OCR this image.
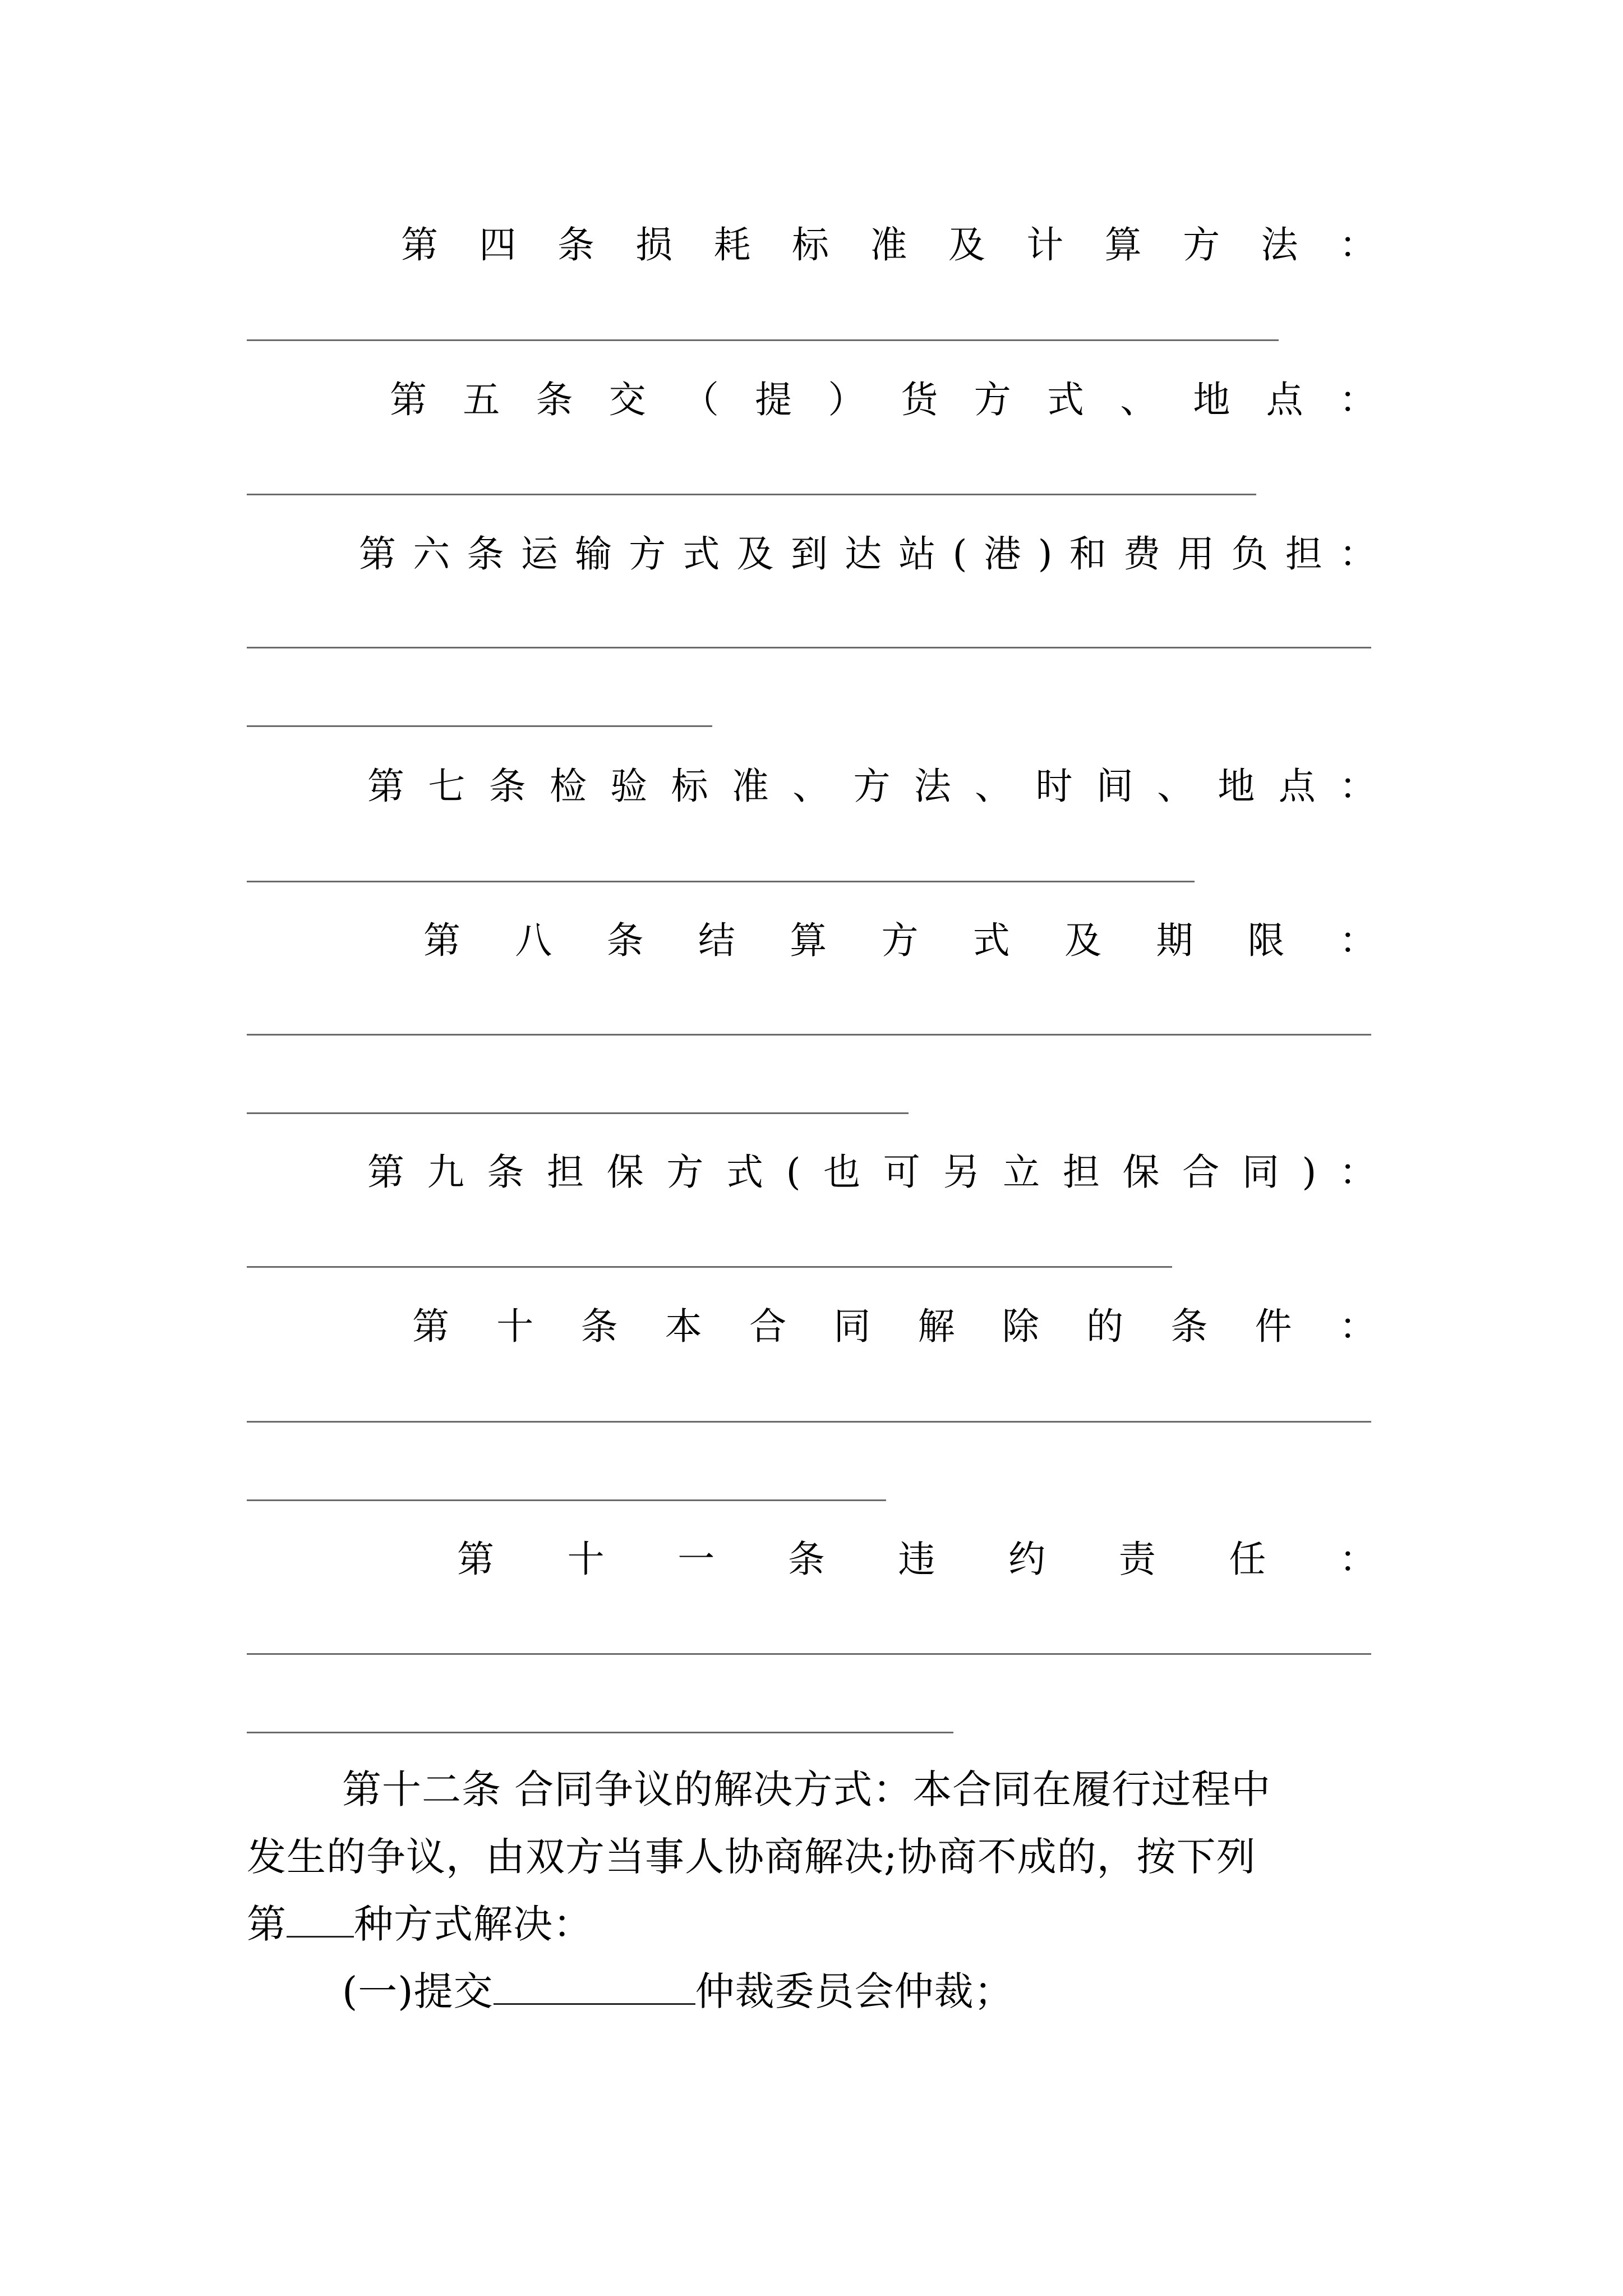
第 四 条 损 耗 标 准 及 计 算 方 法 ：
第 五 条 交 （ 提 ） 货 方 式 、 地 点 ：
第 六 条 运 输 方 式 及 到 达 站 ( 港 ) 和 费 用 负 担 ：
第 七 条 检 验 标 准 、 方 法 、 时 间 、 地 点 ：
第 八 条 结 算 方 式 及 期 限 ：
第 九 条 担 保 方 式 ( 也 可 另 立 担 保 合 同 ) ：
第 十 条 本 合 同 解 除 的 条 件 ：
第 十 一 条 违 约 责 任 ：
第十二条 合同争议的解决方式：本合同在履行过程中
发生的争议，由双方当事人协商解决;协商不成的，按下列
第 种方式解决：
(一)提交	仲裁委员会仲裁；
